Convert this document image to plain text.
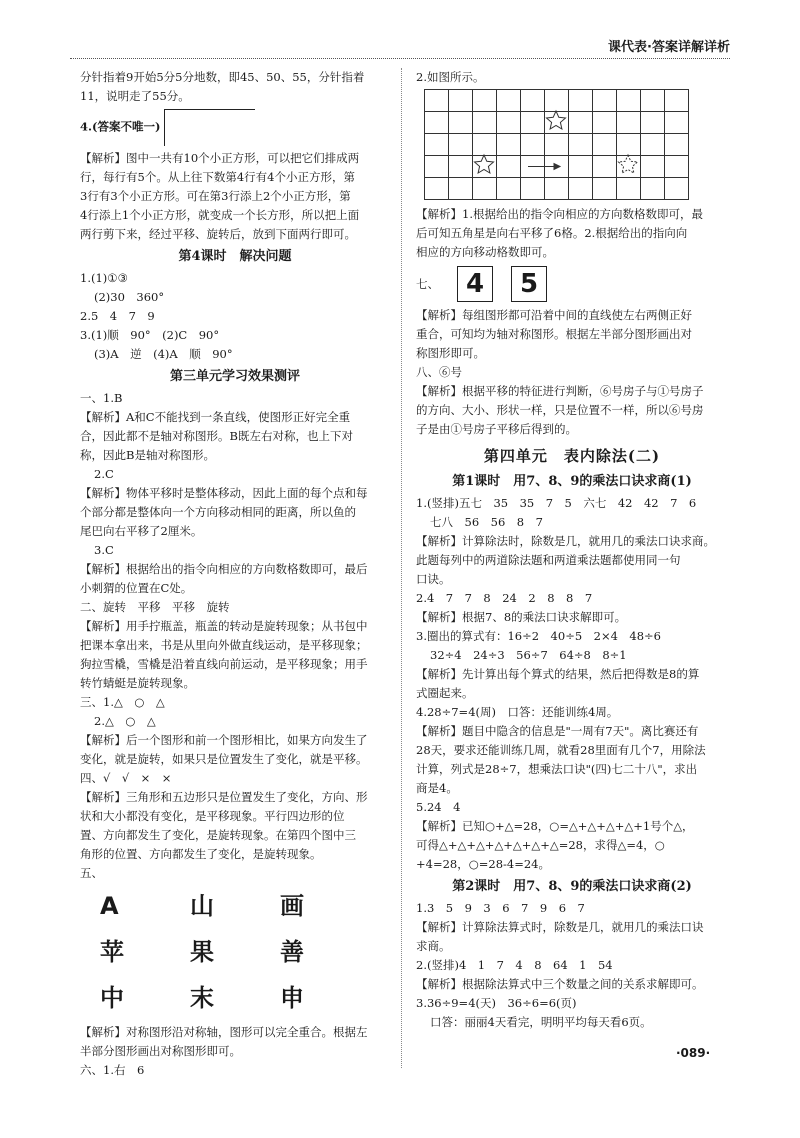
课代表·答案详解详析

分针指着9开始5分5分地数，即45、50、55，分针指着

11，说明走了55分。

4.(答案不唯一)

【解析】图中一共有10个小正方形，可以把它们排成两

行，每行有5个。从上往下数第4行有4个小正方形，第

3行有3个小正方形。可在第3行添上2个小正方形，第

4行添上1个小正方形，就变成一个长方形，所以把上面

两行剪下来，经过平移、旋转后，放到下面两行即可。

第4课时　解决问题

1.(1)①③

(2)30　360°

2.5　4　7　9

3.(1)顺　90°　(2)C　90°

(3)A　逆　(4)A　顺　90°

第三单元学习效果测评

一、1.B

【解析】A和C不能找到一条直线，使图形正好完全重

合，因此都不是轴对称图形。B既左右对称，也上下对

称，因此B是轴对称图形。

2.C

【解析】物体平移时是整体移动，因此上面的每个点和每

个部分都是整体向一个方向移动相同的距离，所以鱼的

尾巴向右平移了2厘米。

3.C

【解析】根据给出的指令向相应的方向数格数即可，最后

小刺猬的位置在C处。

二、旋转　平移　平移　旋转

【解析】用手拧瓶盖，瓶盖的转动是旋转现象；从书包中

把课本拿出来，书是从里向外做直线运动，是平移现象；

狗拉雪橇，雪橇是沿着直线向前运动，是平移现象；用手

转竹蜻蜓是旋转现象。

三、1.△　○　△

2.△　○　△

【解析】后一个图形和前一个图形相比，如果方向发生了

变化，就是旋转，如果只是位置发生了变化，就是平移。

四、√　√　×　×

【解析】三角形和五边形只是位置发生了变化，方向、形

状和大小都没有变化，是平移现象。平行四边形的位

置、方向都发生了变化，是旋转现象。在第四个图中三

角形的位置、方向都发生了变化，是旋转现象。

五、

A	山	画
苹	果	善
中	末	申

【解析】对称图形沿对称轴，图形可以完全重合。根据左

半部分图形画出对称图形即可。

六、1.右　6

2.如图所示。

【解析】1.根据给出的指令向相应的方向数格数即可，最

后可知五角星是向右平移了6格。2.根据给出的指向向

相应的方向移动格数即可。

七、 4 5

【解析】每组图形都可沿着中间的直线使左右两侧正好

重合，可知均为轴对称图形。根据左半部分图形画出对

称图形即可。

八、⑥号

【解析】根据平移的特征进行判断，⑥号房子与①号房子

的方向、大小、形状一样，只是位置不一样，所以⑥号房

子是由①号房子平移后得到的。

第四单元　表内除法(二)
第1课时　用7、8、9的乘法口诀求商(1)

1.(竖排)五七　35　35　7　5　六七　42　42　7　6

七八　56　56　8　7

【解析】计算除法时，除数是几，就用几的乘法口诀求商。

此题每列中的两道除法题和两道乘法题都使用同一句

口诀。

2.4　7　7　8　24　2　8　8　7

【解析】根据7、8的乘法口诀求解即可。

3.圈出的算式有：16÷2　40÷5　2×4　48÷6

32÷4　24÷3　56÷7　64÷8　8÷1

【解析】先计算出每个算式的结果，然后把得数是8的算

式圈起来。

4.28÷7=4(周)　口答：还能训练4周。

【解析】题目中隐含的信息是"一周有7天"。离比赛还有

28天，要求还能训练几周，就看28里面有几个7，用除法

计算，列式是28÷7，想乘法口诀"(四)七二十八"，求出

商是4。

5.24　4

【解析】已知○+△=28，○=△+△+△+△+1号个△，

可得△+△+△+△+△+△+△=28，求得△=4，○

+4=28，○=28-4=24。

第2课时　用7、8、9的乘法口诀求商(2)

1.3　5　9　3　6　7　9　6　7

【解析】计算除法算式时，除数是几，就用几的乘法口诀

求商。

2.(竖排)4　1　7　4　8　64　1　54

【解析】根据除法算式中三个数量之间的关系求解即可。

3.36÷9=4(天)　36÷6=6(页)

口答：丽丽4天看完，明明平均每天看6页。

·089·
